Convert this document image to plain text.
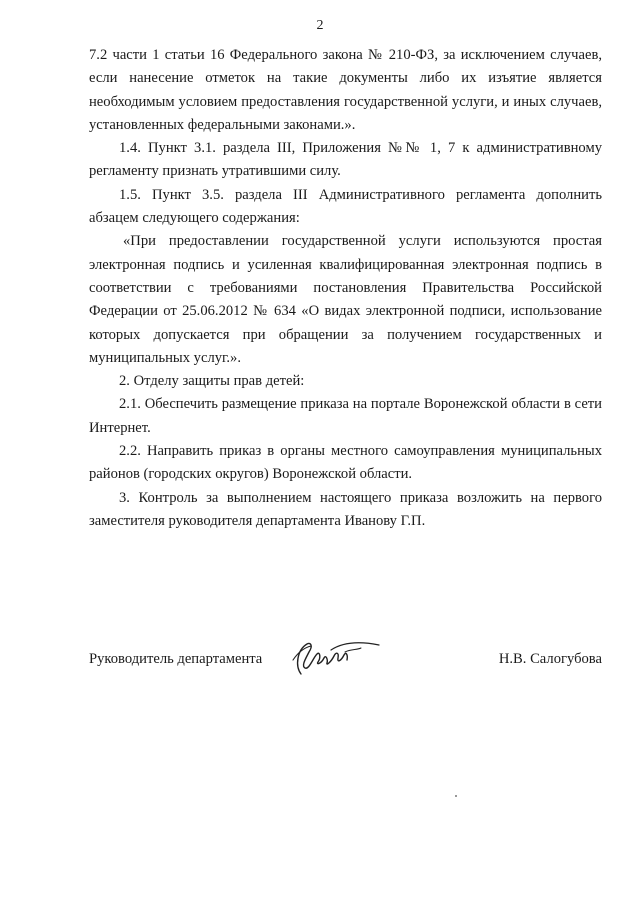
2

7.2 части 1 статьи 16 Федерального закона № 210-ФЗ, за исключением случаев, если нанесение отметок на такие документы либо их изъятие является необходимым условием предоставления государственной услуги, и иных случаев, установленных федеральными законами.».

1.4. Пункт 3.1. раздела III, Приложения №№ 1, 7 к административному регламенту признать утратившими силу.

1.5. Пункт 3.5. раздела III Административного регламента дополнить абзацем следующего содержания:

«При предоставлении государственной услуги используются простая электронная подпись и усиленная квалифицированная электронная подпись в соответствии с требованиями постановления Правительства Российской Федерации от 25.06.2012 № 634 «О видах электронной подписи, использование которых допускается при обращении за получением государственных и муниципальных услуг.».

2. Отделу защиты прав детей:

2.1. Обеспечить размещение приказа на портале Воронежской области в сети Интернет.

2.2. Направить приказ в органы местного самоуправления муниципальных районов (городских округов) Воронежской области.

3. Контроль за выполнением настоящего приказа возложить на первого заместителя руководителя департамента Иванову Г.П.

Руководитель департамента	Н.В. Салогубова
